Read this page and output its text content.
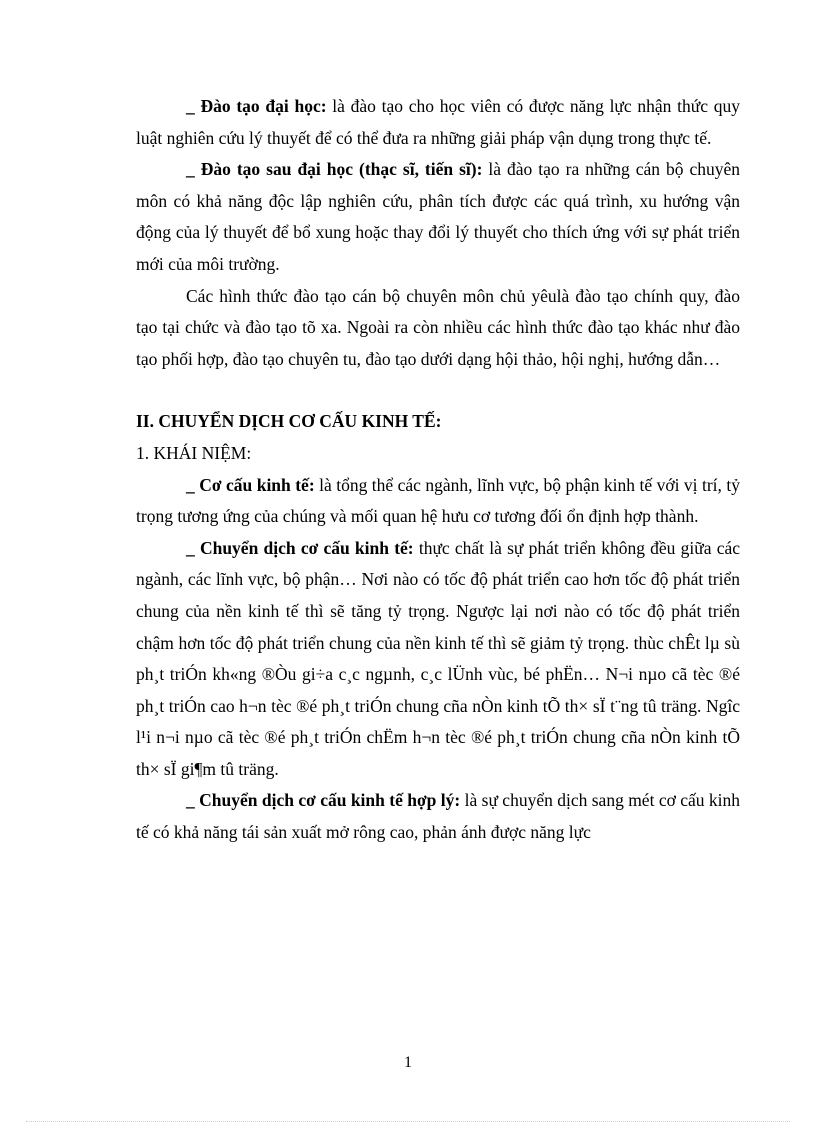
_ Đào tạo đại học: là đào tạo cho học viên có được năng lực nhận thức quy luật nghiên cứu lý thuyết để có thể đưa ra những giải pháp vận dụng trong thực tế.

_ Đào tạo sau đại học (thạc sĩ, tiến sĩ): là đào tạo ra những cán bộ chuyên môn có khả năng độc lập nghiên cứu, phân tích được các quá trình, xu hướng vận động của lý thuyết để bổ xung hoặc thay đổi lý thuyết cho thích ứng với sự phát triển mới của môi trường.

Các hình thức đào tạo cán bộ chuyên môn chủ yêulà đào tạo chính quy, đào tạo tại chức và đào tạo tõ xa. Ngoài ra còn nhiều các hình thức đào tạo khác như đào tạo phối hợp, đào tạo chuyên tu, đào tạo dưới dạng hội thảo, hội nghị, hướng dẫn…

II. CHUYỂN DỊCH CƠ CẤU KINH TẾ:

1. KHÁI NIỆM:

_ Cơ cấu kinh tế: là tổng thể các ngành, lĩnh vực, bộ phận kinh tế với vị trí, tỷ trọng tương ứng của chúng và mối quan hệ hưu cơ tương đối ổn định hợp thành.

_ Chuyển dịch cơ cấu kinh tế: thực chất là sự phát triển không đều giữa các ngành, các lĩnh vực, bộ phận… Nơi nào có tốc độ phát triển cao hơn tốc độ phát triển chung của nền kinh tế thì sẽ tăng tỷ trọng. Ngược lại nơi nào có tốc độ phát triển chậm hơn tốc độ phát triển chung của nền kinh tế thì sẽ giảm tỷ trọng. thùc chÊt lµ sù ph¸t triÓn kh«ng ®Òu gi÷a c¸c ngµnh, c¸c lÜnh vùc, bé phËn… N¬i nµo cã tèc ®é ph¸t triÓn cao h¬n tèc ®é ph¸t triÓn chung cña nÒn kinh tÕ th× sÏ t¨ng tû träng. Ngîc l¹i n¬i nµo cã tèc ®é ph¸t triÓn chËm h¬n tèc ®é ph¸t triÓn chung cña nÒn kinh tÕ th× sÏ gi¶m tû träng.

_ Chuyển dịch cơ cấu kinh tế hợp lý: là sự chuyển dịch sang mét cơ cấu kinh tế có khả năng tái sản xuất mở rông cao, phản ánh được năng lực

1
